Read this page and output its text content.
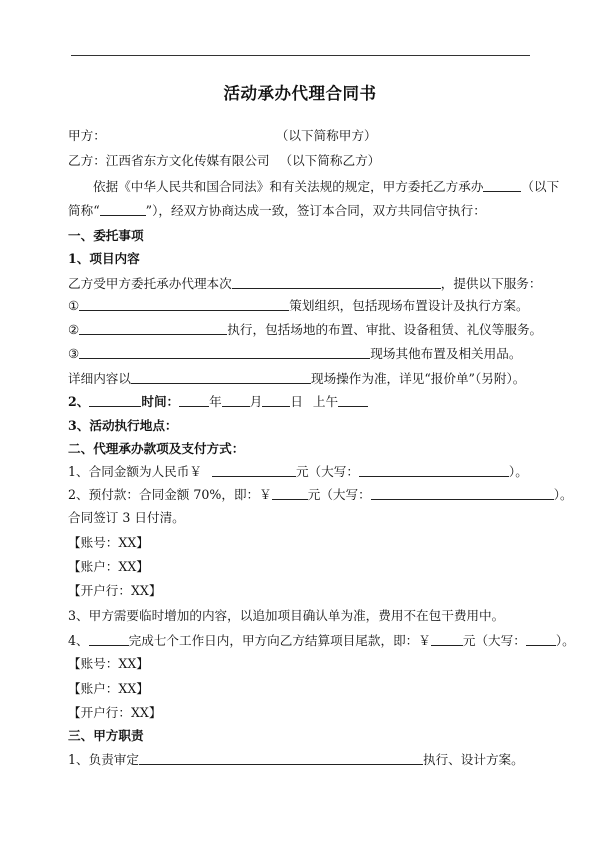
活动承办代理合同书
甲方：	（以下简称甲方）
乙方：江西省东方文化传媒有限公司 （以下简称乙方）
依据《中华人民共和国合同法》和有关法规的规定，甲方委托乙方承办	（以下
简称“	”），经双方协商达成一致，签订本合同，双方共同信守执行：
一、委托事项
1、项目内容
乙方受甲方委托承办代理本次	，提供以下服务：
①	策划组织，包括现场布置设计及执行方案。
②	执行，包括场地的布置、审批、设备租赁、礼仪等服务。
③	现场其他布置及相关用品。
详细内容以	现场操作为准，详见“报价单”（另附）。
2、	时间： 年 月 日 上午
3、活动执行地点：
二、代理承办款项及支付方式：
1、合同金额为人民币￥	元（大写：	）。
2、预付款：合同金额 70%，即：￥	元（大写：	）。
合同签订 3 日付清。
【账号：XX】
【账户：XX】
【开户行：XX】
3、甲方需要临时增加的内容，以追加项目确认单为准，费用不在包干费用中。
4、	完成七个工作日内，甲方向乙方结算项目尾款，即：￥	元（大写： ）。
【账号：XX】
【账户：XX】
【开户行：XX】
三、甲方职责
1、负责审定	执行、设计方案。
